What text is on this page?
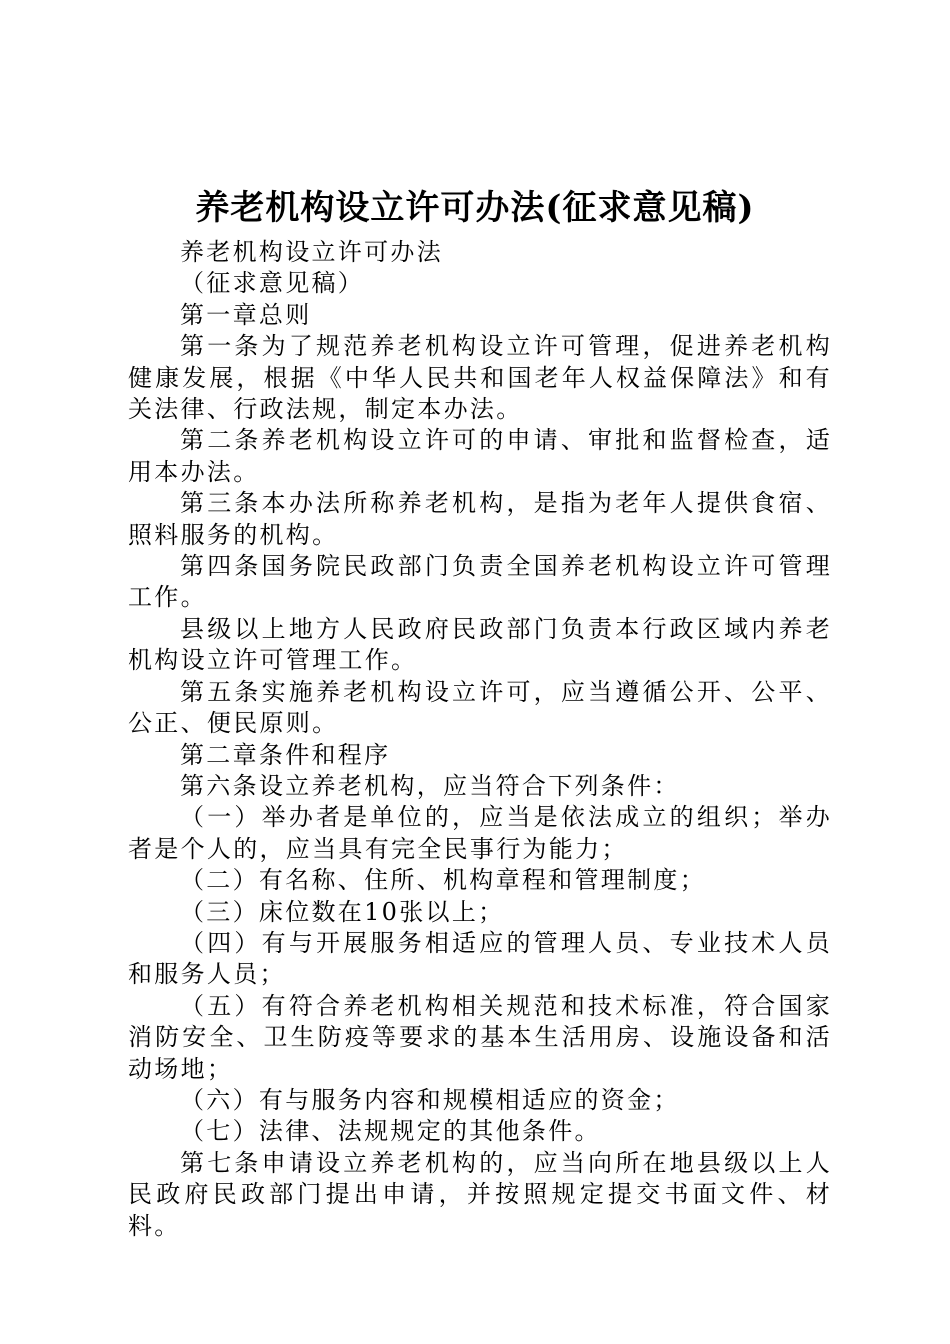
养老机构设立许可办法(征求意见稿)

养老机构设立许可办法

（征求意见稿）

第一章总则

第一条为了规范养老机构设立许可管理，促进养老机构健康发展，根据《中华人民共和国老年人权益保障法》和有关法律、行政法规，制定本办法。

第二条养老机构设立许可的申请、审批和监督检查，适用本办法。

第三条本办法所称养老机构，是指为老年人提供食宿、照料服务的机构。

第四条国务院民政部门负责全国养老机构设立许可管理工作。

县级以上地方人民政府民政部门负责本行政区域内养老机构设立许可管理工作。

第五条实施养老机构设立许可，应当遵循公开、公平、公正、便民原则。

第二章条件和程序

第六条设立养老机构，应当符合下列条件：

（一）举办者是单位的，应当是依法成立的组织；举办者是个人的，应当具有完全民事行为能力；

（二）有名称、住所、机构章程和管理制度；

（三）床位数在10张以上；

（四）有与开展服务相适应的管理人员、专业技术人员和服务人员；

（五）有符合养老机构相关规范和技术标准，符合国家消防安全、卫生防疫等要求的基本生活用房、设施设备和活动场地；

（六）有与服务内容和规模相适应的资金；

（七）法律、法规规定的其他条件。

第七条申请设立养老机构的，应当向所在地县级以上人民政府民政部门提出申请，并按照规定提交书面文件、材料。
